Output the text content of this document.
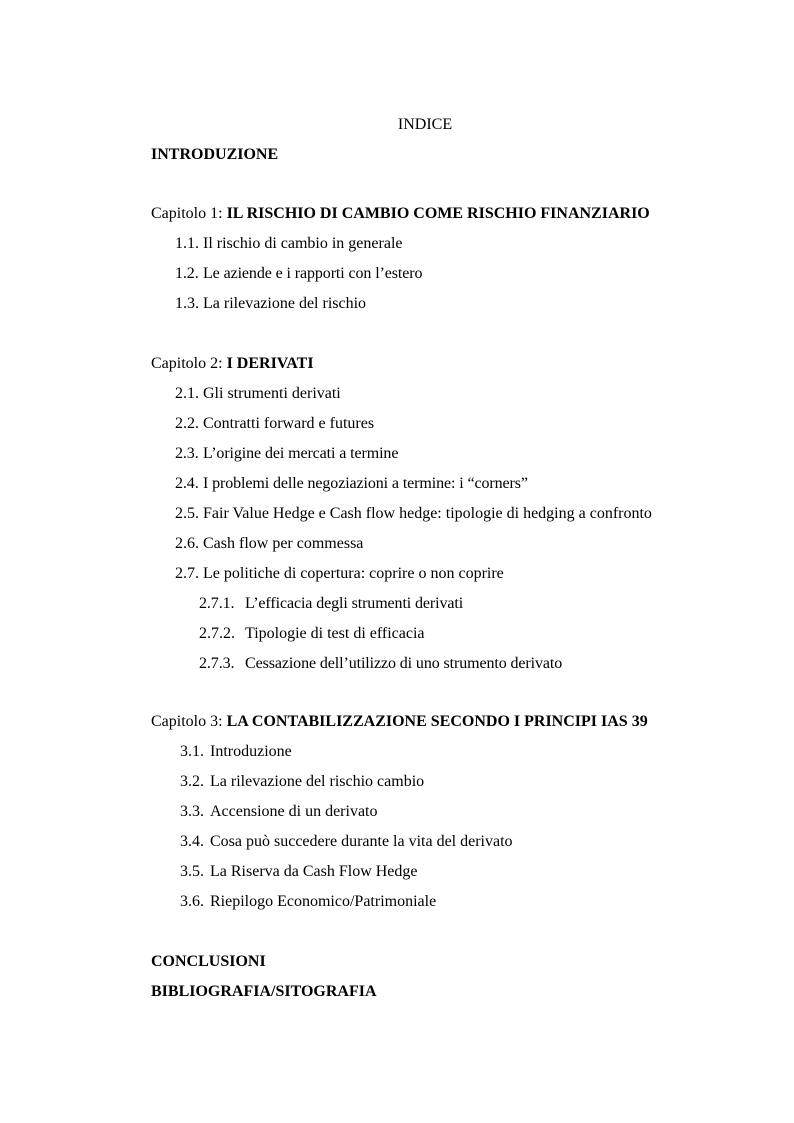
INDICE
INTRODUZIONE
Capitolo 1: IL RISCHIO DI CAMBIO COME RISCHIO FINANZIARIO
1.1. Il rischio di cambio in generale
1.2. Le aziende e i rapporti con l’estero
1.3. La rilevazione del rischio
Capitolo 2: I DERIVATI
2.1. Gli strumenti derivati
2.2. Contratti forward e futures
2.3. L’origine dei mercati a termine
2.4. I problemi delle negoziazioni a termine: i “corners”
2.5. Fair Value Hedge e Cash flow hedge: tipologie di hedging a confronto
2.6. Cash flow per commessa
2.7. Le politiche di copertura: coprire o non coprire
2.7.1. L’efficacia degli strumenti derivati
2.7.2. Tipologie di test di efficacia
2.7.3. Cessazione dell’utilizzo di uno strumento derivato
Capitolo 3: LA CONTABILIZZAZIONE SECONDO I PRINCIPI IAS 39
3.1. Introduzione
3.2. La rilevazione del rischio cambio
3.3. Accensione di un derivato
3.4. Cosa può succedere durante la vita del derivato
3.5. La Riserva da Cash Flow Hedge
3.6. Riepilogo Economico/Patrimoniale
CONCLUSIONI
BIBLIOGRAFIA/SITOGRAFIA
